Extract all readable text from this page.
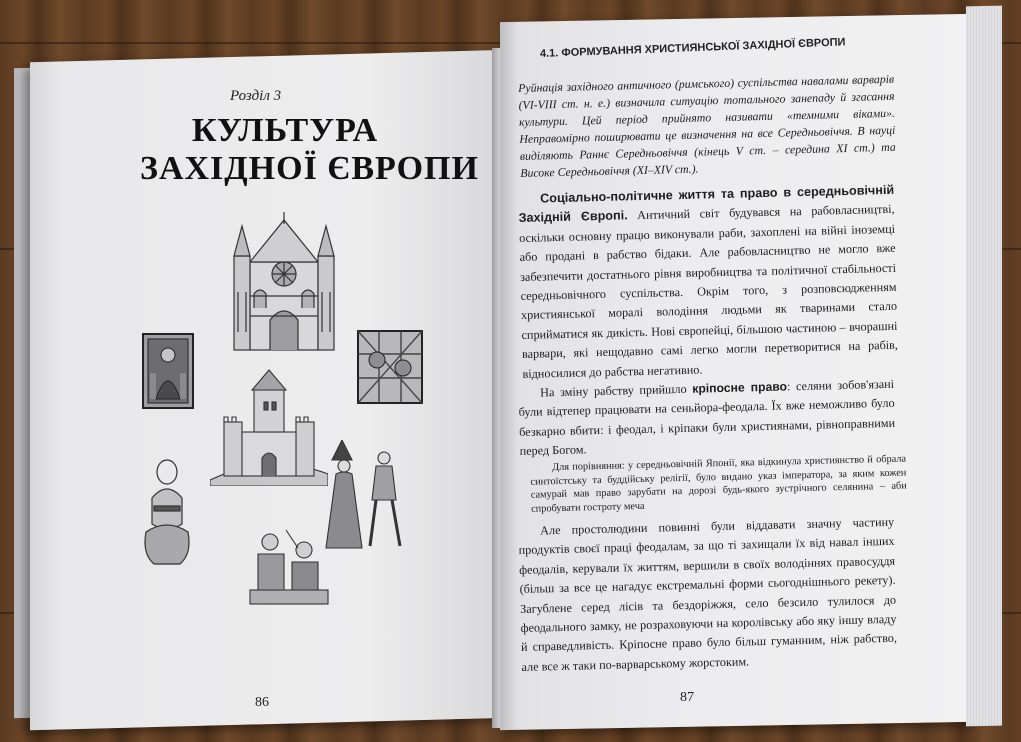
Розділ 3
КУЛЬТУРА
ЗАХІДНОЇ ЄВРОПИ
86	87
4.1. ФОРМУВАННЯ ХРИСТИЯНСЬКОЇ ЗАХІДНОЇ ЄВРОПИ

Руйнація західного античного (римського) суспільства навалами варварів (VI-VIII ст. н. е.) визначила ситуацію тотального занепаду й згасання культури. Цей період прийнято називати «темними віками». Неправомірно поширювати це визначення на все Середньовіччя. В науці виділяють Раннє Середньовіччя (кінець V ст. – середина XI ст.) та Високе Середньовіччя (XI–XIV ст.).

Соціально-політичне життя та право в середньовічній Західній Європі. Античний світ будувався на рабовласництві, оскільки основну працю виконували раби, захоплені на війні іноземці або продані в рабство бідаки. Але рабовласництво не могло вже забезпечити достатнього рівня виробництва та політичної стабільності середньовічного суспільства. Окрім того, з розповсюдженням християнської моралі володіння людьми як тваринами стало сприйматися як дикість. Нові європейці, більшою частиною – вчорашні варвари, які нещодавно самі легко могли перетворитися на рабів, відносилися до рабства негативно.

На зміну рабству прийшло кріпосне право: селяни зобов'язані були відтепер працювати на сеньйора-феодала. Їх вже неможливо було безкарно вбити: і феодал, і кріпаки були християнами, рівноправними перед Богом.

Для порівняння: у середньовічній Японії, яка відкинула християнство й обрала синтоїстську та буддійську релігії, було видано указ імператора, за яким кожен самурай мав право зарубати на дорозі будь-якого зустрічного селянина – аби спробувати гостроту меча

Але простолюдини повинні були віддавати значну частину продуктів своєї праці феодалам, за що ті захищали їх від навал інших феодалів, керували їх життям, вершили в своїх володіннях правосуддя (більш за все це нагадує екстремальні форми сьогоднішнього рекету). Загублене серед лісів та бездоріжжя, село безсило тулилося до феодального замку, не розраховуючи на королівську або яку іншу владу й справедливість. Кріпосне право було більш гуманним, ніж рабство, але все ж таки по-варварському жорстоким.
